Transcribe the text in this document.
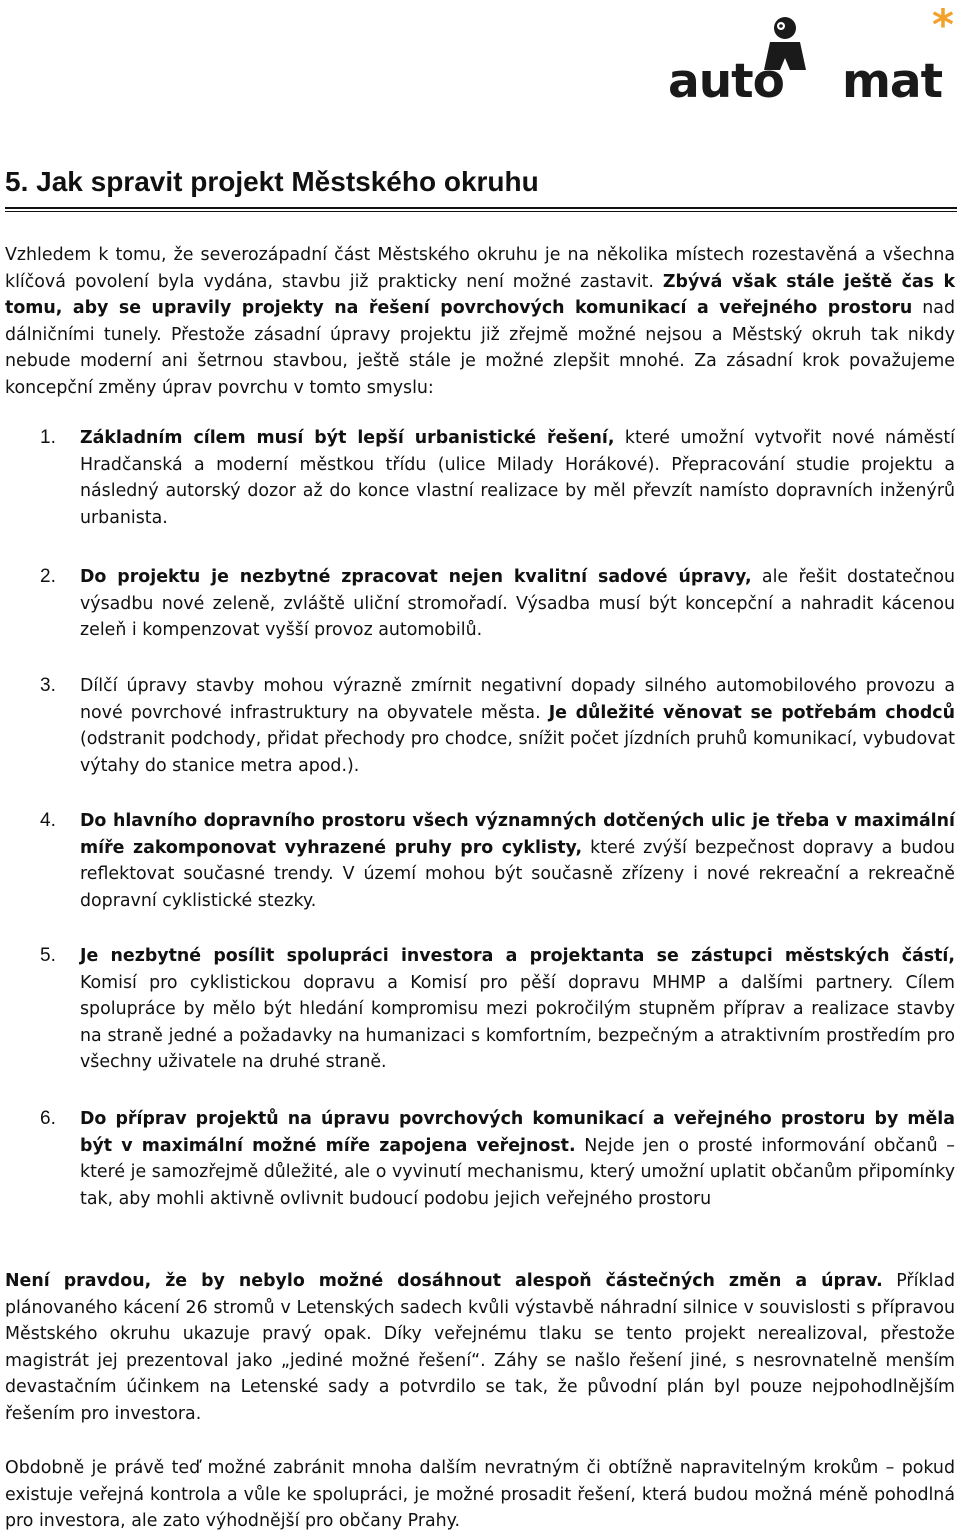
*
auto mat
5. Jak spravit projekt Městského okruhu

Vzhledem k tomu, že severozápadní část Městského okruhu je na několika místech rozestavěná a všechna klíčová povolení byla vydána, stavbu již prakticky není možné zastavit. Zbývá však stále ještě čas k tomu, aby se upravily projekty na řešení povrchových komunikací a veřejného prostoru nad dálničními tunely. Přestože zásadní úpravy projektu již zřejmě možné nejsou a Městský okruh tak nikdy nebude moderní ani šetrnou stavbou, ještě stále je možné zlepšit mnohé. Za zásadní krok považujeme koncepční změny úprav povrchu v tomto smyslu:

1.	Základním cílem musí být lepší urbanistické řešení, které umožní vytvořit nové náměstí Hradčanská a moderní městkou třídu (ulice Milady Horákové). Přepracování studie projektu a následný autorský dozor až do konce vlastní realizace by měl převzít namísto dopravních inženýrů urbanista.
2.	Do projektu je nezbytné zpracovat nejen kvalitní sadové úpravy, ale řešit dostatečnou výsadbu nové zeleně, zvláště uliční stromořadí. Výsadba musí být koncepční a nahradit kácenou zeleň i kompenzovat vyšší provoz automobilů.
3.	Dílčí úpravy stavby mohou výrazně zmírnit negativní dopady silného automobilového provozu a nové povrchové infrastruktury na obyvatele města. Je důležité věnovat se potřebám chodců (odstranit podchody, přidat přechody pro chodce, snížit počet jízdních pruhů komunikací, vybudovat výtahy do stanice metra apod.).
4.	Do hlavního dopravního prostoru všech významných dotčených ulic je třeba v maximální míře zakomponovat vyhrazené pruhy pro cyklisty, které zvýší bezpečnost dopravy a budou reflektovat současné trendy. V území mohou být současně zřízeny i nové rekreační a rekreačně dopravní cyklistické stezky.
5.	Je nezbytné posílit spolupráci investora a projektanta se zástupci městských částí, Komisí pro cyklistickou dopravu a Komisí pro pěší dopravu MHMP a dalšími partnery. Cílem spolupráce by mělo být hledání kompromisu mezi pokročilým stupněm příprav a realizace stavby na straně jedné a požadavky na humanizaci s komfortním, bezpečným a atraktivním prostředím pro všechny uživatele na druhé straně.
6.	Do příprav projektů na úpravu povrchových komunikací a veřejného prostoru by měla být v maximální možné míře zapojena veřejnost. Nejde jen o prosté informování občanů – které je samozřejmě důležité, ale o vyvinutí mechanismu, který umožní uplatit občanům připomínky tak, aby mohli aktivně ovlivnit budoucí podobu jejich veřejného prostoru

Není pravdou, že by nebylo možné dosáhnout alespoň částečných změn a úprav. Příklad plánovaného kácení 26 stromů v Letenských sadech kvůli výstavbě náhradní silnice v souvislosti s přípravou Městského okruhu ukazuje pravý opak. Díky veřejnému tlaku se tento projekt nerealizoval, přestože magistrát jej prezentoval jako „jediné možné řešení“. Záhy se našlo řešení jiné, s nesrovnatelně menším devastačním účinkem na Letenské sady a potvrdilo se tak, že původní plán byl pouze nejpohodlnějším řešením pro investora.

Obdobně je právě teď možné zabránit mnoha dalším nevratným či obtížně napravitelným krokům – pokud existuje veřejná kontrola a vůle ke spolupráci, je možné prosadit řešení, která budou možná méně pohodlná pro investora, ale zato výhodnější pro občany Prahy.
